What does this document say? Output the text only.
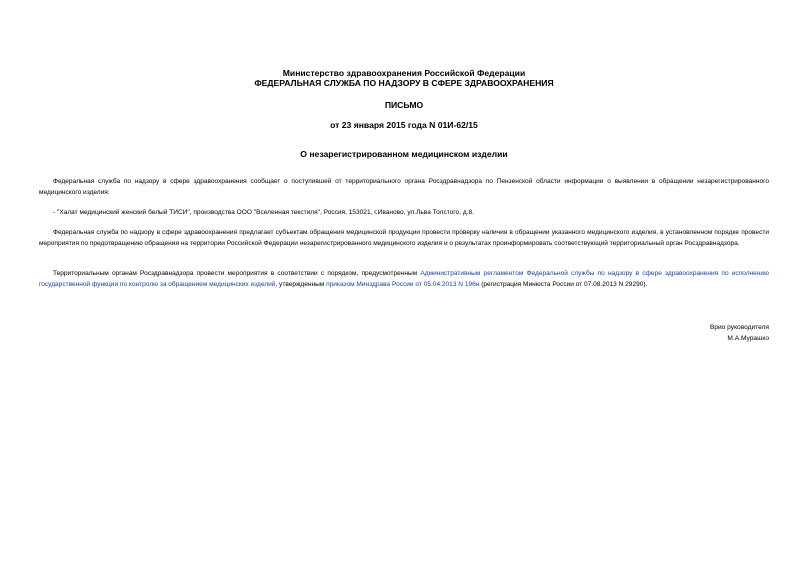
Министерство здравоохранения Российской Федерации
ФЕДЕРАЛЬНАЯ СЛУЖБА ПО НАДЗОРУ В СФЕРЕ ЗДРАВООХРАНЕНИЯ
ПИСЬМО
от 23 января 2015 года N 01И-62/15
О незарегистрированном медицинском изделии
Федеральная служба по надзору в сфере здравоохранения сообщает о поступившей от территориального органа Росздравнадзора по Пензенской области информации о выявлении в обращении незарегистрированного медицинского изделия:
- "Халат медицинский женский белый ТИСИ", производства ООО "Вселенная текстиля", Россия, 153021, г.Иваново, ул.Льва Толстого, д.8.
Федеральная служба по надзору в сфере здравоохранения предлагает субъектам обращения медицинской продукции провести проверку наличия в обращении указанного медицинского изделия, в установленном порядке провести мероприятия по предотвращению обращения на территории Российской Федерации незарегистрированного медицинского изделия и о результатах проинформировать соответствующий территориальный орган Росздравнадзора.
Территориальным органам Росздравнадзора провести мероприятия в соответствии с порядком, предусмотренным Административным регламентом Федеральной службы по надзору в сфере здравоохранения по исполнению государственной функции по контролю за обращением медицинских изделий, утвержденным приказом Минздрава России от 05.04.2013 N 196н (регистрация Минюста России от 07.08.2013 N 29290).
Врио руководителя
М.А.Мурашко
